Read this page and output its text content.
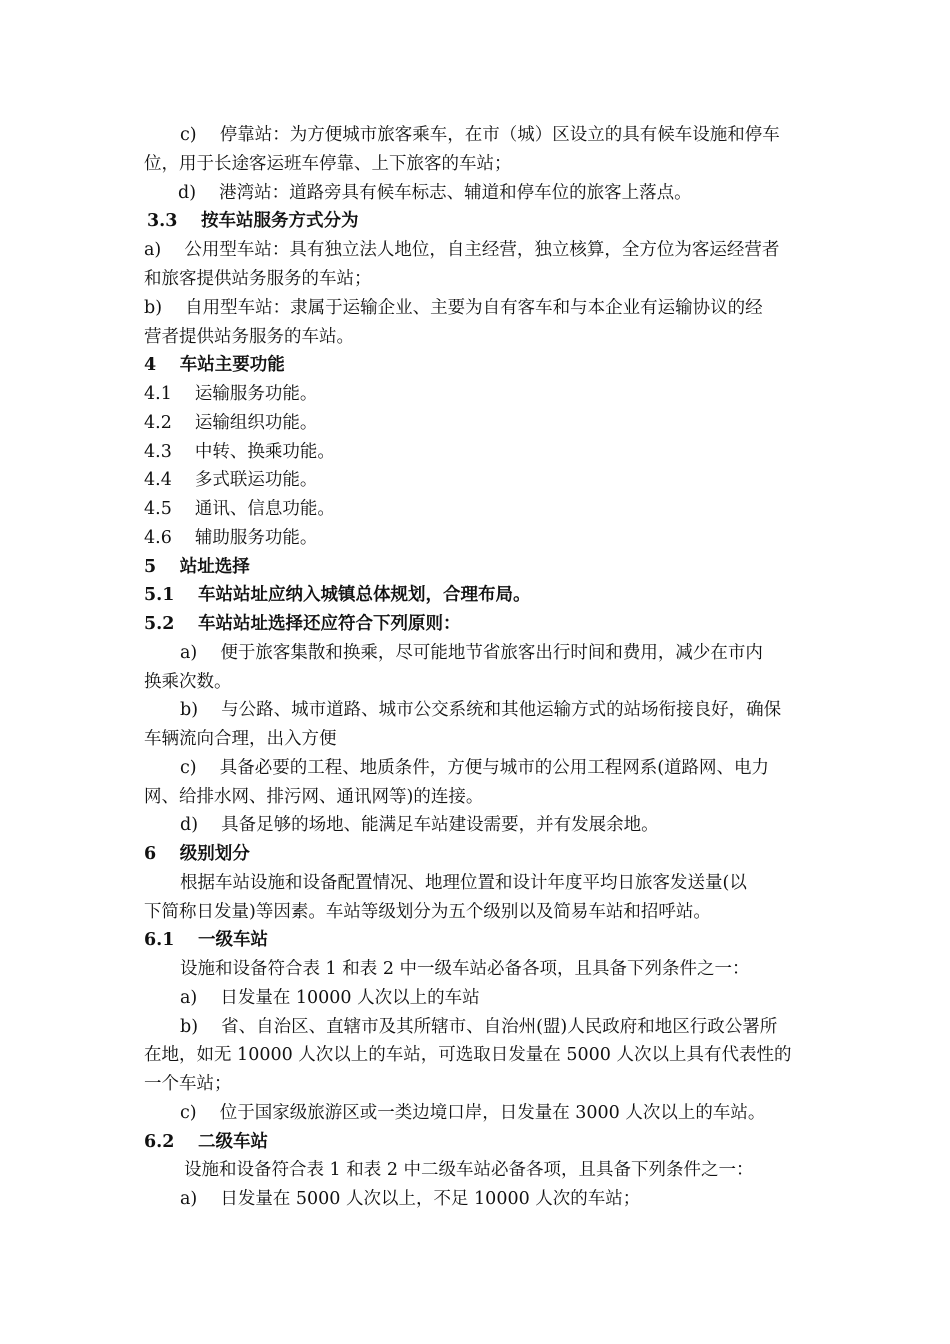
c)　 停靠站：为方便城市旅客乘车，在市（城）区设立的具有候车设施和停车
位，用于长途客运班车停靠、上下旅客的车站；
d)　 港湾站：道路旁具有候车标志、辅道和停车位的旅客上落点。
3.3　 按车站服务方式分为
a)　 公用型车站：具有独立法人地位，自主经营，独立核算，全方位为客运经营者
和旅客提供站务服务的车站；
b)　 自用型车站：隶属于运输企业、主要为自有客车和与本企业有运输协议的经
营者提供站务服务的车站。
4　 车站主要功能
4.1　 运输服务功能。
4.2　 运输组织功能。
4.3　 中转、换乘功能。
4.4　 多式联运功能。
4.5　 通讯、信息功能。
4.6　 辅助服务功能。
5　 站址选择
5.1　 车站站址应纳入城镇总体规划，合理布局。
5.2　 车站站址选择还应符合下列原则：
a)　 便于旅客集散和换乘，尽可能地节省旅客出行时间和费用，减少在市内
换乘次数。
b)　 与公路、城市道路、城市公交系统和其他运输方式的站场衔接良好，确保
车辆流向合理，出入方便
c)　 具备必要的工程、地质条件，方便与城市的公用工程网系(道路网、电力
网、给排水网、排污网、通讯网等)的连接。
d)　 具备足够的场地、能满足车站建设需要，并有发展余地。
6　 级别划分
根据车站设施和设备配置情况、地理位置和设计年度平均日旅客发送量(以
下简称日发量)等因素。车站等级划分为五个级别以及简易车站和招呼站。
6.1　 一级车站
设施和设备符合表 1 和表 2 中一级车站必备各项，且具备下列条件之一：
a)　 日发量在 10000 人次以上的车站
b)　 省、自治区、直辖市及其所辖市、自治州(盟)人民政府和地区行政公署所
在地，如无 10000 人次以上的车站，可选取日发量在 5000 人次以上具有代表性的
一个车站；
c)　 位于国家级旅游区或一类边境口岸，日发量在 3000 人次以上的车站。
6.2　 二级车站
设施和设备符合表 1 和表 2 中二级车站必备各项，且具备下列条件之一：
a)　 日发量在 5000 人次以上，不足 10000 人次的车站；
